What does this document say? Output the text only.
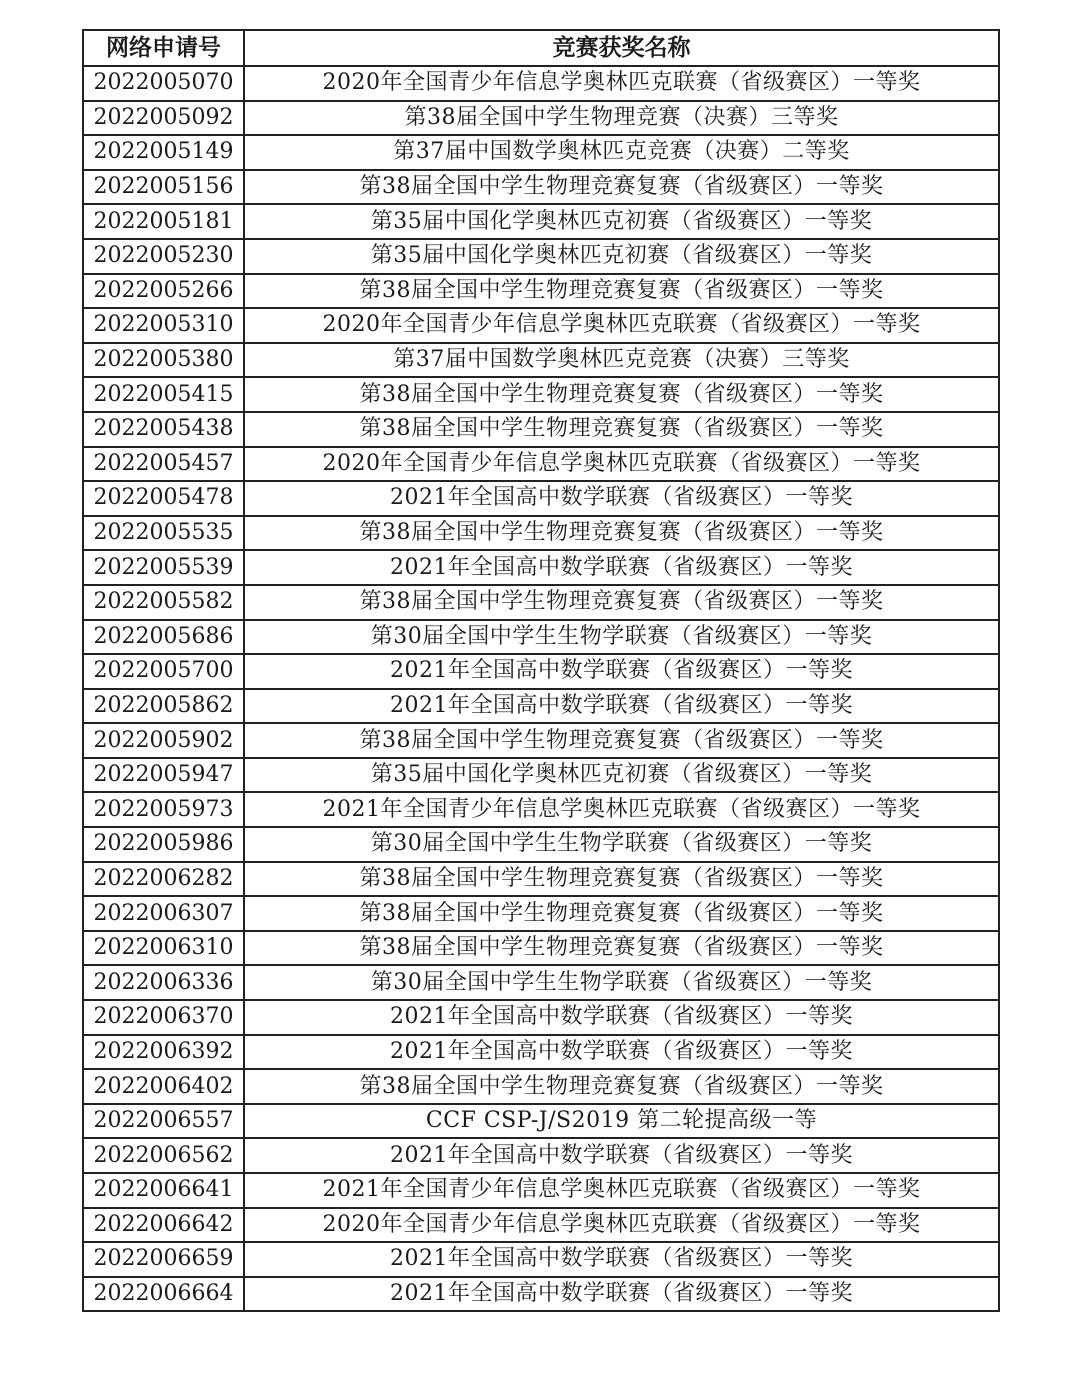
网络申请号	竞赛获奖名称
2022005070	2020年全国青少年信息学奥林匹克联赛（省级赛区）一等奖
2022005092	第38届全国中学生物理竞赛（决赛）三等奖
2022005149	第37届中国数学奥林匹克竞赛（决赛）二等奖
2022005156	第38届全国中学生物理竞赛复赛（省级赛区）一等奖
2022005181	第35届中国化学奥林匹克初赛（省级赛区）一等奖
2022005230	第35届中国化学奥林匹克初赛（省级赛区）一等奖
2022005266	第38届全国中学生物理竞赛复赛（省级赛区）一等奖
2022005310	2020年全国青少年信息学奥林匹克联赛（省级赛区）一等奖
2022005380	第37届中国数学奥林匹克竞赛（决赛）三等奖
2022005415	第38届全国中学生物理竞赛复赛（省级赛区）一等奖
2022005438	第38届全国中学生物理竞赛复赛（省级赛区）一等奖
2022005457	2020年全国青少年信息学奥林匹克联赛（省级赛区）一等奖
2022005478	2021年全国高中数学联赛（省级赛区）一等奖
2022005535	第38届全国中学生物理竞赛复赛（省级赛区）一等奖
2022005539	2021年全国高中数学联赛（省级赛区）一等奖
2022005582	第38届全国中学生物理竞赛复赛（省级赛区）一等奖
2022005686	第30届全国中学生生物学联赛（省级赛区）一等奖
2022005700	2021年全国高中数学联赛（省级赛区）一等奖
2022005862	2021年全国高中数学联赛（省级赛区）一等奖
2022005902	第38届全国中学生物理竞赛复赛（省级赛区）一等奖
2022005947	第35届中国化学奥林匹克初赛（省级赛区）一等奖
2022005973	2021年全国青少年信息学奥林匹克联赛（省级赛区）一等奖
2022005986	第30届全国中学生生物学联赛（省级赛区）一等奖
2022006282	第38届全国中学生物理竞赛复赛（省级赛区）一等奖
2022006307	第38届全国中学生物理竞赛复赛（省级赛区）一等奖
2022006310	第38届全国中学生物理竞赛复赛（省级赛区）一等奖
2022006336	第30届全国中学生生物学联赛（省级赛区）一等奖
2022006370	2021年全国高中数学联赛（省级赛区）一等奖
2022006392	2021年全国高中数学联赛（省级赛区）一等奖
2022006402	第38届全国中学生物理竞赛复赛（省级赛区）一等奖
2022006557	CCF CSP-J/S2019 第二轮提高级一等
2022006562	2021年全国高中数学联赛（省级赛区）一等奖
2022006641	2021年全国青少年信息学奥林匹克联赛（省级赛区）一等奖
2022006642	2020年全国青少年信息学奥林匹克联赛（省级赛区）一等奖
2022006659	2021年全国高中数学联赛（省级赛区）一等奖
2022006664	2021年全国高中数学联赛（省级赛区）一等奖
